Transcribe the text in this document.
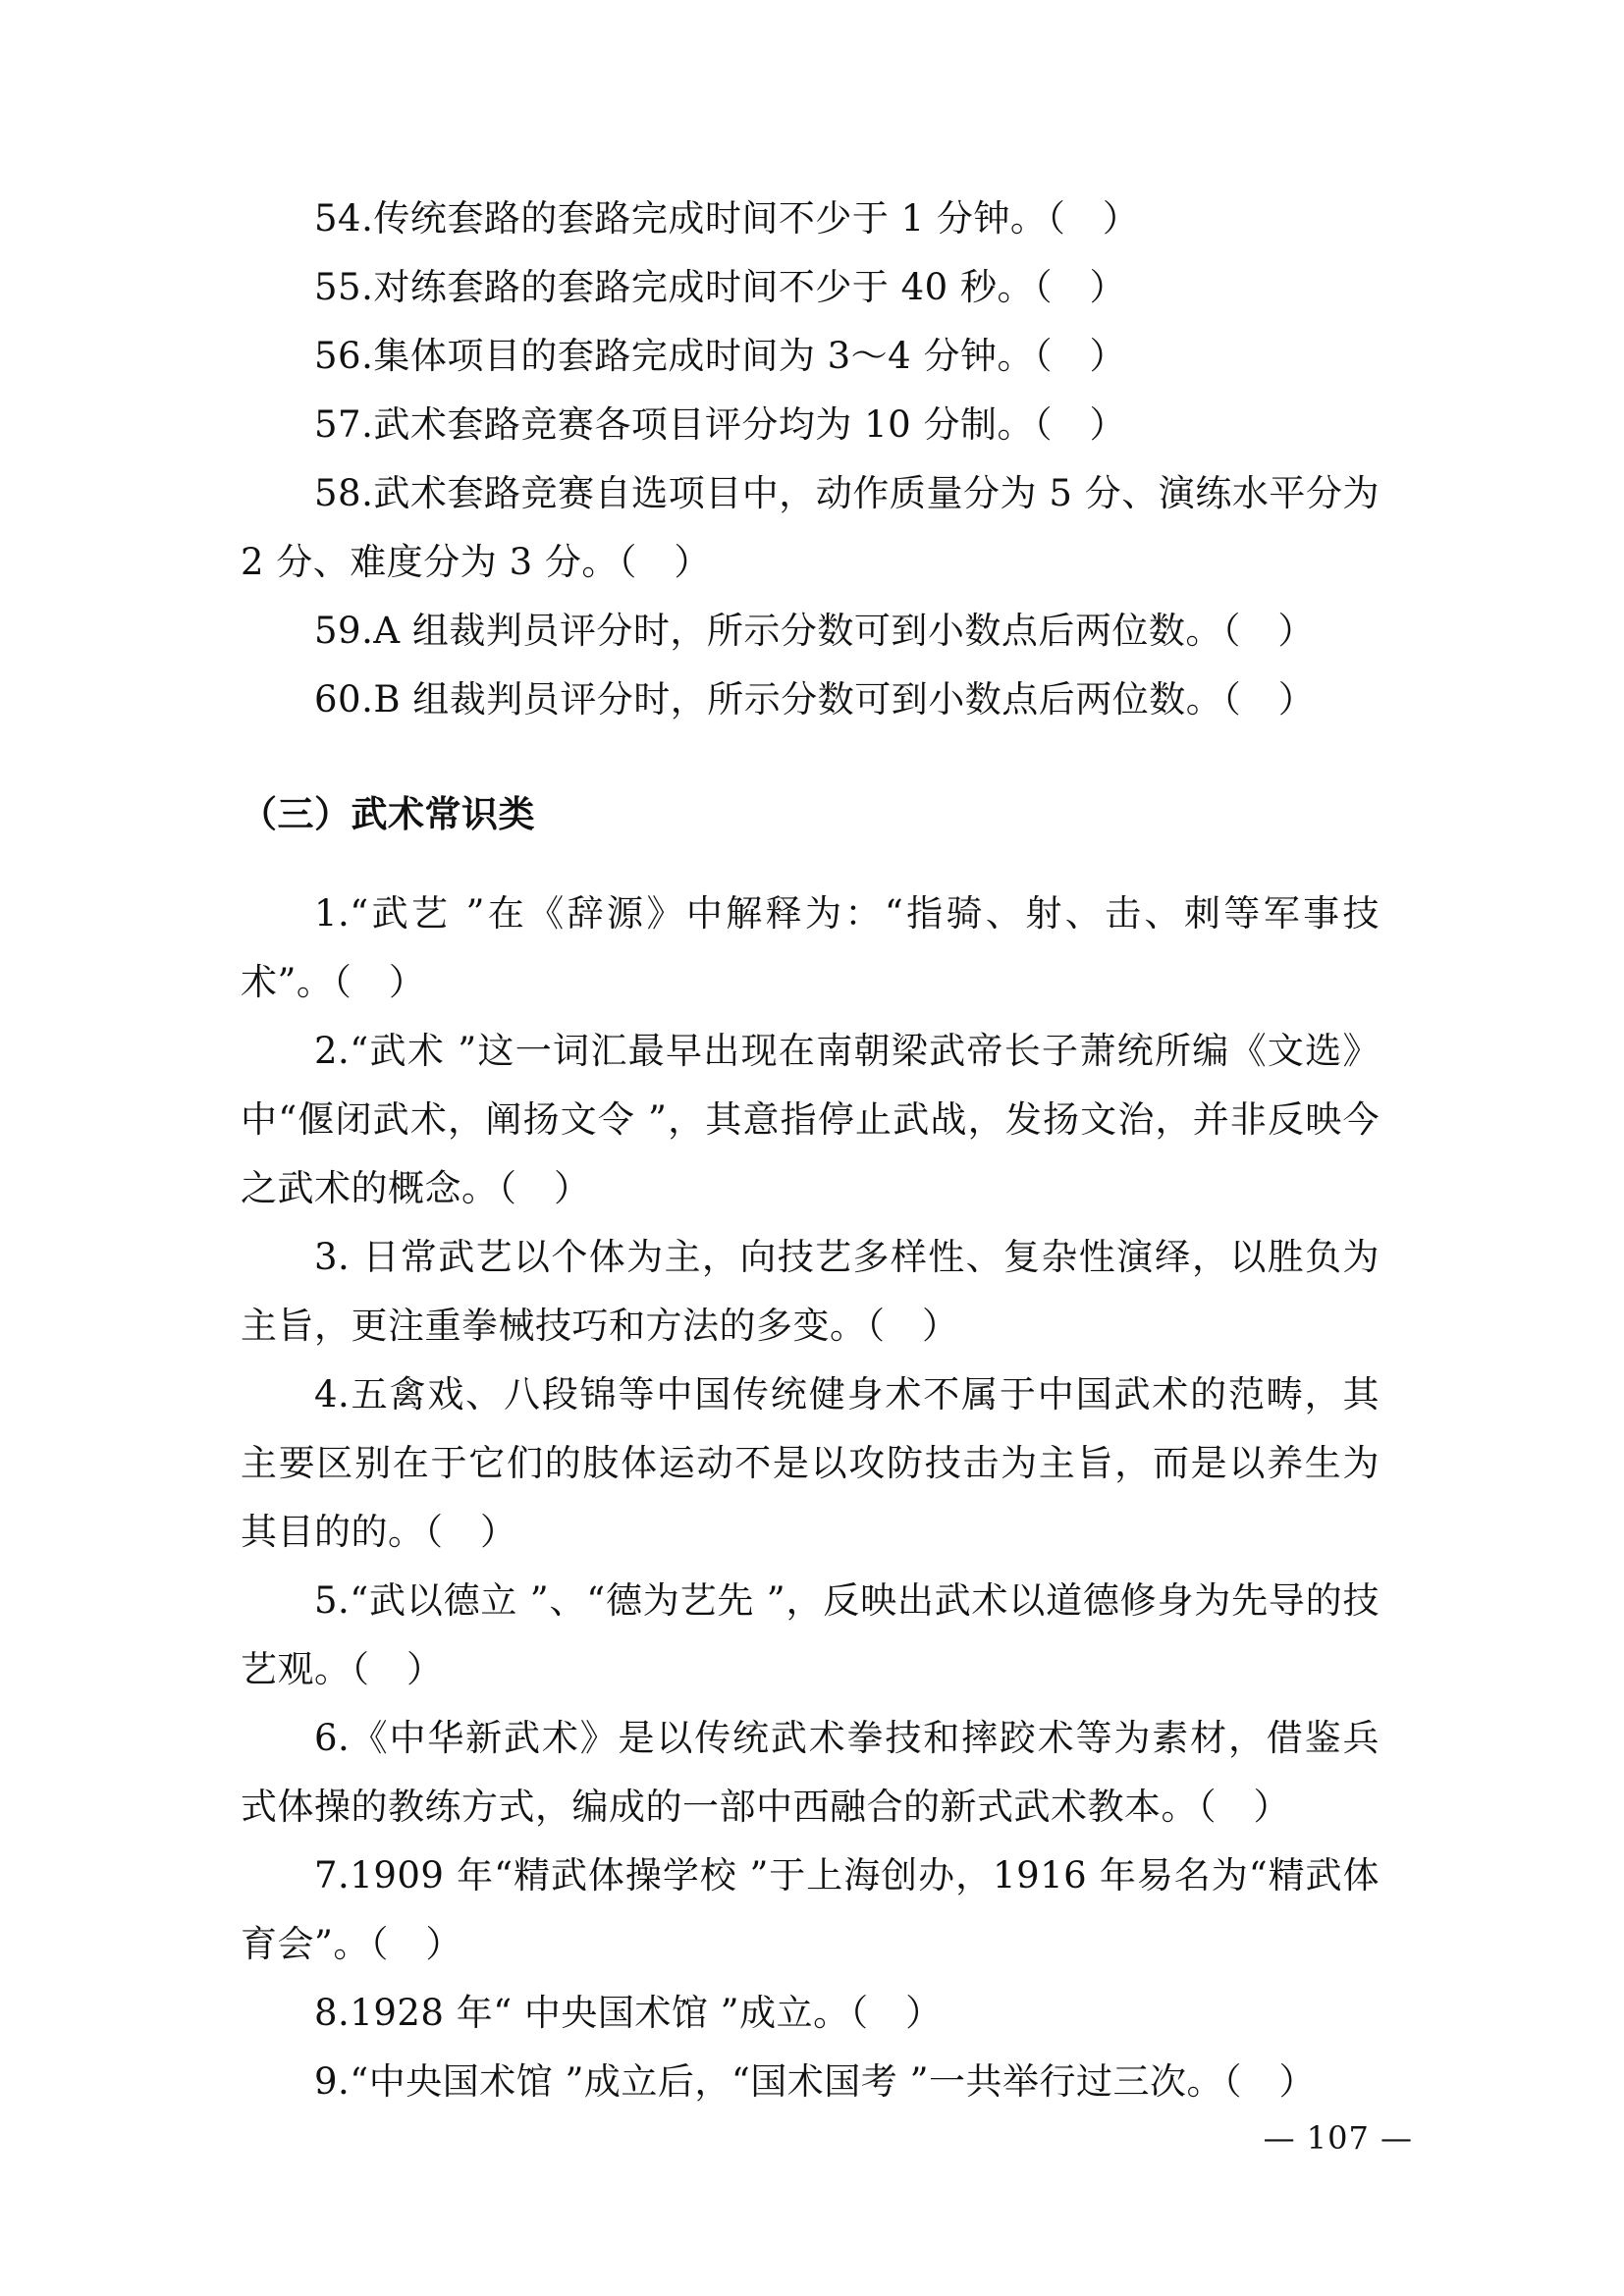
54.传统套路的套路完成时间不少于 1 分钟。（　）

55.对练套路的套路完成时间不少于 40 秒。（　）

56.集体项目的套路完成时间为 3～4 分钟。（　）

57.武术套路竞赛各项目评分均为 10 分制。（　）

58.武术套路竞赛自选项目中，动作质量分为 5 分、演练水平分为 2 分、难度分为 3 分。（　）

59.A 组裁判员评分时，所示分数可到小数点后两位数。（　）

60.B 组裁判员评分时，所示分数可到小数点后两位数。（　）

（三）武术常识类

1.“武艺 ”在《辞源》中解释为：“指骑、射、击、刺等军事技术”。（　）

2.“武术 ”这一词汇最早出现在南朝梁武帝长子萧统所编《文选》中“偃闭武术，阐扬文令 ”，其意指停止武战，发扬文治，并非反映今之武术的概念。（　）

3. 日常武艺以个体为主，向技艺多样性、复杂性演绎，以胜负为主旨，更注重拳械技巧和方法的多变。（　）

4.五禽戏、八段锦等中国传统健身术不属于中国武术的范畴，其主要区别在于它们的肢体运动不是以攻防技击为主旨，而是以养生为其目的的。（　）

5.“武以德立 ”、“德为艺先 ”，反映出武术以道德修身为先导的技艺观。（　）

6.《中华新武术》是以传统武术拳技和摔跤术等为素材，借鉴兵式体操的教练方式，编成的一部中西融合的新式武术教本。（　）

7.1909 年“精武体操学校 ”于上海创办，1916 年易名为“精武体育会”。（　）

8.1928 年“ 中央国术馆 ”成立。（　）

9.“中央国术馆 ”成立后，“国术国考 ”一共举行过三次。（　）

— 107 —
